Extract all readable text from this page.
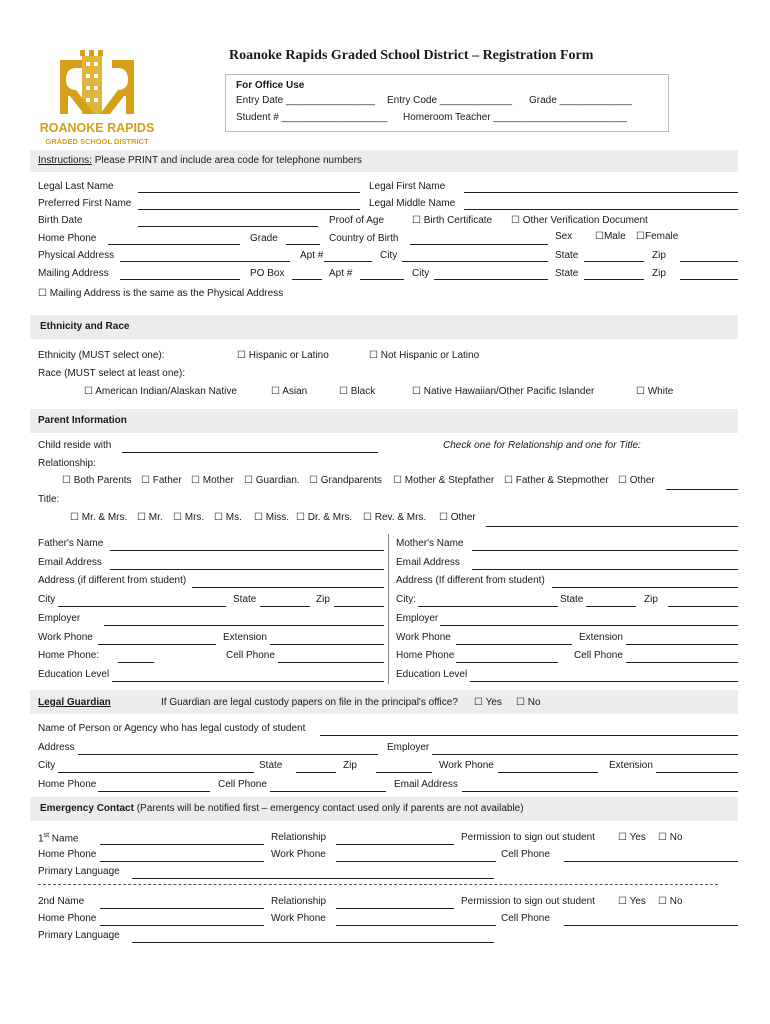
ROANOKE RAPIDS
GRADED SCHOOL DISTRICT
Roanoke Rapids Graded School District – Registration Form
For Office Use
Entry Date ________________ Entry Code _____________ Grade _____________
Student # ___________________ Homeroom Teacher ________________________
Instructions: Please PRINT and include area code for telephone numbers
Legal Last Name	Legal First Name
Preferred First Name	Legal Middle Name
Birth Date	Proof of Age	☐ Birth Certificate ☐ Other Verification Document
Home Phone	Grade	Country of Birth	Sex ☐Male ☐Female
Physical Address	Apt #	City	State	Zip
Mailing Address	PO Box	Apt #	City	State	Zip
☐ Mailing Address is the same as the Physical Address
Ethnicity and Race
Ethnicity (MUST select one):	☐ Hispanic or Latino	☐ Not Hispanic or Latino
Race (MUST select at least one):
☐ American Indian/Alaskan Native	☐ Asian	☐ Black	☐ Native Hawaiian/Other Pacific Islander	☐ White
Parent Information
Child reside with	Check one for Relationship and one for Title:
Relationship:
☐ Both Parents ☐ Father ☐ Mother ☐ Guardian. ☐ Grandparents ☐ Mother & Stepfather ☐ Father & Stepmother ☐ Other
Title:
☐ Mr. & Mrs. ☐ Mr. ☐ Mrs. ☐ Ms. ☐ Miss. ☐ Dr. & Mrs. ☐ Rev. & Mrs. ☐ Other
Father's Name
Email Address
Address (if different from student)
City	State	Zip
Employer
Work Phone	Extension
Home Phone:	Cell Phone
Education Level
Mother's Name
Email Address
Address (If different from student)
City:	State	Zip
Employer
Work Phone	Extension
Home Phone	Cell Phone
Education Level
Legal Guardian	If Guardian are legal custody papers on file in the principal's office? ☐ Yes ☐ No
Name of Person or Agency who has legal custody of student
Address	Employer
City	State	Zip	Work Phone	Extension
Home Phone	Cell Phone	Email Address
Emergency Contact (Parents will be notified first – emergency contact used only if parents are not available)
1st Name	Relationship	Permission to sign out student ☐ Yes ☐ No
Home Phone	Work Phone	Cell Phone
Primary Language
2nd Name	Relationship	Permission to sign out student ☐ Yes ☐ No
Home Phone	Work Phone	Cell Phone
Primary Language
